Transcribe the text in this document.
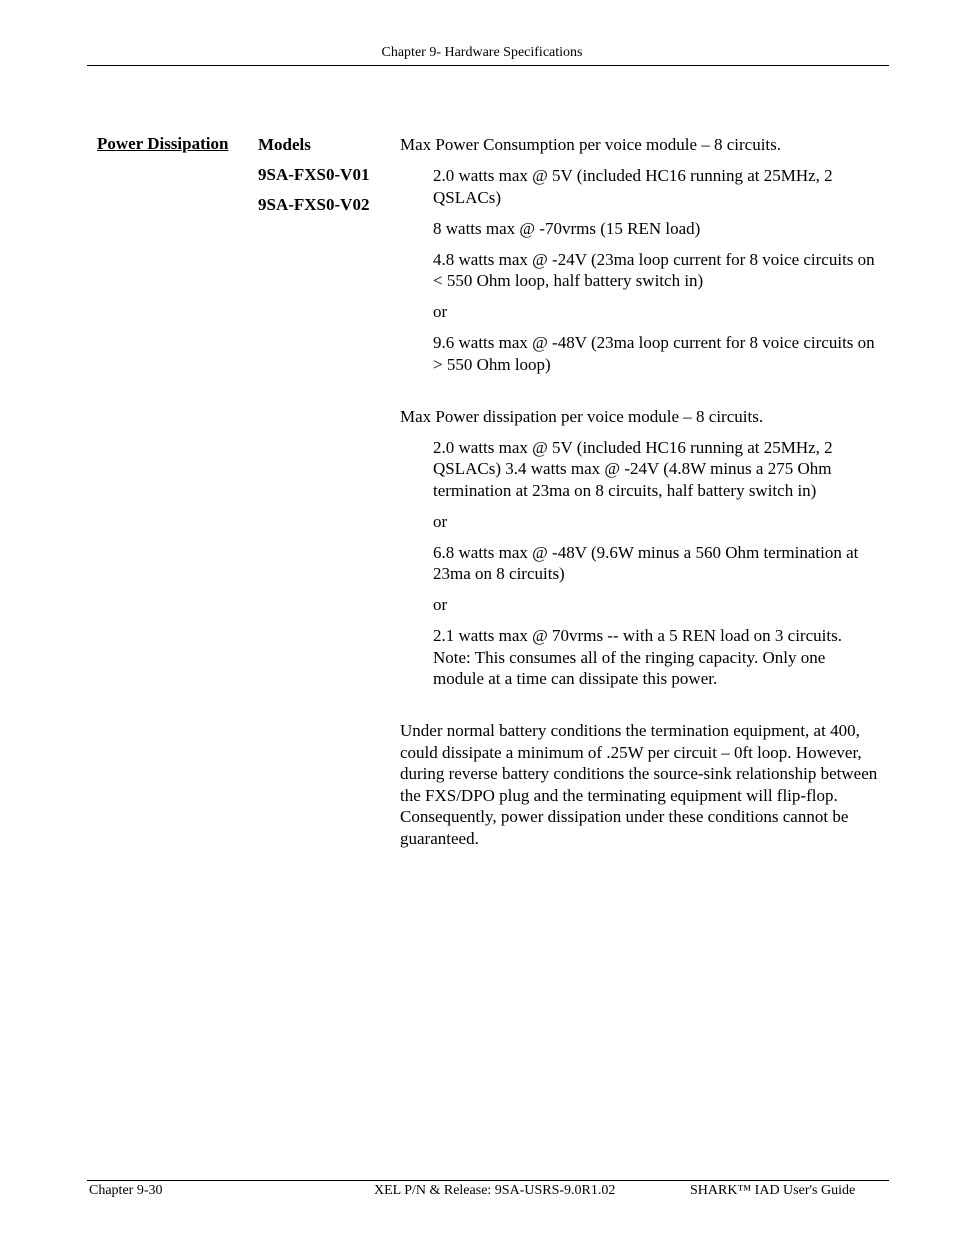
Chapter 9- Hardware Specifications
Power Dissipation Models
9SA-FXS0-V01
9SA-FXS0-V02

Max Power Consumption per voice module – 8 circuits.

2.0 watts max @ 5V (included HC16 running at 25MHz, 2 QSLACs)

8 watts max @ -70vrms (15 REN load)

4.8 watts max @ -24V (23ma loop current for 8 voice circuits on < 550 Ohm loop, half battery switch in)

or

9.6 watts max @ -48V (23ma loop current for 8 voice circuits on > 550 Ohm loop)

Max Power dissipation per voice module – 8 circuits.

2.0 watts max @ 5V (included HC16 running at 25MHz, 2 QSLACs) 3.4 watts max @ -24V (4.8W minus a 275 Ohm termination at 23ma on 8 circuits, half battery switch in)

or

6.8 watts max @ -48V (9.6W minus a 560 Ohm termination at 23ma on 8 circuits)

or

2.1 watts max @ 70vrms -- with a 5 REN load on 3 circuits. Note: This consumes all of the ringing capacity. Only one module at a time can dissipate this power.

Under normal battery conditions the termination equipment, at 400, could dissipate a minimum of .25W per circuit – 0ft loop. However, during reverse battery conditions the source-sink relationship between the FXS/DPO plug and the terminating equipment will flip-flop. Consequently, power dissipation under these conditions cannot be guaranteed.

Chapter 9-30	XEL P/N & Release: 9SA-USRS-9.0R1.02	SHARK™ IAD User's Guide
